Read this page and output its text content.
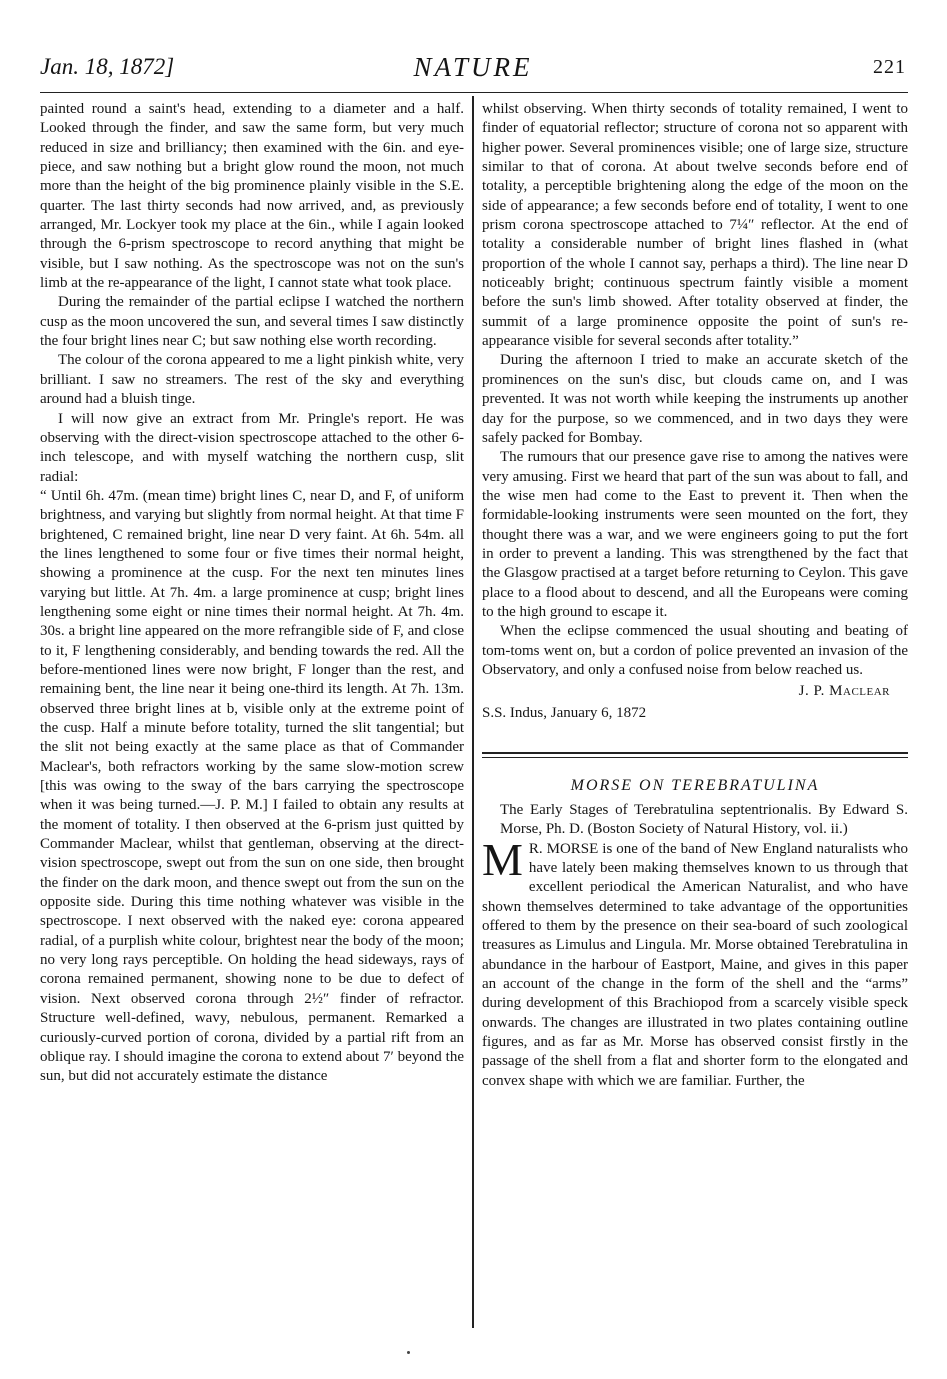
Jan. 18, 1872]	NATURE	221

painted round a saint's head, extending to a diameter and a half. Looked through the finder, and saw the same form, but very much reduced in size and brilliancy; then examined with the 6in. and eye-piece, and saw nothing but a bright glow round the moon, not much more than the height of the big prominence plainly visible in the S.E. quarter. The last thirty seconds had now arrived, and, as previously arranged, Mr. Lockyer took my place at the 6in., while I again looked through the 6-prism spectroscope to record anything that might be visible, but I saw nothing. As the spectroscope was not on the sun's limb at the re-appearance of the light, I cannot state what took place.

During the remainder of the partial eclipse I watched the northern cusp as the moon uncovered the sun, and several times I saw distinctly the four bright lines near C; but saw nothing else worth recording.

The colour of the corona appeared to me a light pinkish white, very brilliant. I saw no streamers. The rest of the sky and everything around had a bluish tinge.

I will now give an extract from Mr. Pringle's report. He was observing with the direct-vision spectroscope attached to the other 6-inch telescope, and with myself watching the northern cusp, slit radial:

“ Until 6h. 47m. (mean time) bright lines C, near D, and F, of uniform brightness, and varying but slightly from normal height. At that time F brightened, C remained bright, line near D very faint. At 6h. 54m. all the lines lengthened to some four or five times their normal height, showing a prominence at the cusp. For the next ten minutes lines varying but little. At 7h. 4m. a large prominence at cusp; bright lines lengthening some eight or nine times their normal height. At 7h. 4m. 30s. a bright line appeared on the more refrangible side of F, and close to it, F lengthening considerably, and bending towards the red. All the before-mentioned lines were now bright, F longer than the rest, and remaining bent, the line near it being one-third its length. At 7h. 13m. observed three bright lines at b, visible only at the extreme point of the cusp. Half a minute before totality, turned the slit tangential; but the slit not being exactly at the same place as that of Commander Maclear's, both refractors working by the same slow-motion screw [this was owing to the sway of the bars carrying the spectroscope when it was being turned.—J. P. M.] I failed to obtain any results at the moment of totality. I then observed at the 6-prism just quitted by Commander Maclear, whilst that gentleman, observing at the direct-vision spectroscope, swept out from the sun on one side, then brought the finder on the dark moon, and thence swept out from the sun on the opposite side. During this time nothing whatever was visible in the spectroscope. I next observed with the naked eye: corona appeared radial, of a purplish white colour, brightest near the body of the moon; no very long rays perceptible. On holding the head sideways, rays of corona remained permanent, showing none to be due to defect of vision. Next observed corona through 2½″ finder of refractor. Structure well-defined, wavy, nebulous, permanent. Remarked a curiously-curved portion of corona, divided by a partial rift from an oblique ray. I should imagine the corona to extend about 7′ beyond the sun, but did not accurately estimate the distance

whilst observing. When thirty seconds of totality remained, I went to finder of equatorial reflector; structure of corona not so apparent with higher power. Several prominences visible; one of large size, structure similar to that of corona. At about twelve seconds before end of totality, a perceptible brightening along the edge of the moon on the side of appearance; a few seconds before end of totality, I went to one prism corona spectroscope attached to 7¼″ reflector. At the end of totality a considerable number of bright lines flashed in (what proportion of the whole I cannot say, perhaps a third). The line near D noticeably bright; continuous spectrum faintly visible a moment before the sun's limb showed. After totality observed at finder, the summit of a large prominence opposite the point of sun's re-appearance visible for several seconds after totality.”

During the afternoon I tried to make an accurate sketch of the prominences on the sun's disc, but clouds came on, and I was prevented. It was not worth while keeping the instruments up another day for the purpose, so we commenced, and in two days they were safely packed for Bombay.

The rumours that our presence gave rise to among the natives were very amusing. First we heard that part of the sun was about to fall, and the wise men had come to the East to prevent it. Then when the formidable-looking instruments were seen mounted on the fort, they thought there was a war, and we were engineers going to put the fort in order to prevent a landing. This was strengthened by the fact that the Glasgow practised at a target before returning to Ceylon. This gave place to a flood about to descend, and all the Europeans were coming to the high ground to escape it.

When the eclipse commenced the usual shouting and beating of tom-toms went on, but a cordon of police prevented an invasion of the Observatory, and only a confused noise from below reached us.

J. P. Maclear

S.S. Indus, January 6, 1872

MORSE ON TEREBRATULINA

The Early Stages of Terebratulina septentrionalis. By Edward S. Morse, Ph. D. (Boston Society of Natural History, vol. ii.)

M R. MORSE is one of the band of New England naturalists who have lately been making themselves known to us through that excellent periodical the American Naturalist, and who have shown themselves determined to take advantage of the opportunities offered to them by the presence on their sea-board of such zoological treasures as Limulus and Lingula. Mr. Morse obtained Terebratulina in abundance in the harbour of Eastport, Maine, and gives in this paper an account of the change in the form of the shell and the “arms” during development of this Brachiopod from a scarcely visible speck onwards. The changes are illustrated in two plates containing outline figures, and as far as Mr. Morse has observed consist firstly in the passage of the shell from a flat and shorter form to the elongated and convex shape with which we are familiar. Further, the
